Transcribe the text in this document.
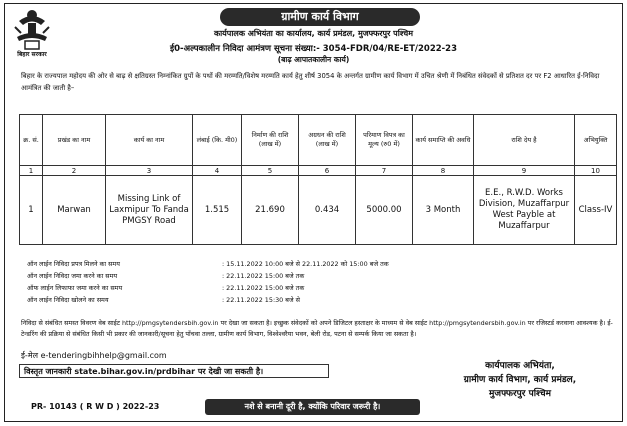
बिहार सरकार
ग्रामीण कार्य विभाग
कार्यपालक अभियंता का कार्यालय, कार्य प्रमंडल, मुजफ्फरपुर पश्चिम
ई0-अल्पकालीन निविदा आमंत्रण सूचना संख्या:- 3054-FDR/04/RE-ET/2022-23
(बाढ़ आपातकालीन कार्य)
बिहार के राज्यपाल महोदय की ओर से बाढ़ से क्षतिग्रस्त निम्नांकित ग्रुपों के पथों की मरम्मति/विशेष मरम्मति कार्य हेतु शीर्ष 3054 के अन्तर्गत ग्रामीण कार्य विभाग में उचित श्रेणी में निबंधित संवेदकों से प्रतिशत दर पर F2 आधारित ई-निविदा आमंत्रित की जाती है–
क्र. सं.	प्रखंड का नाम	कार्य का नाम	लंबाई (कि. मी0)	निर्माण की राशि (लाख में)	अग्रधन की राशि (लाख में)	परिमाण विपत्र का मूल्य (रु0 में)	कार्य समाप्ति की अवधि	राशि देय है	अभियुक्ति
1	2	3	4	5	6	7	8	9	10
1	Marwan	Missing Link of Laxmipur To Fanda PMGSY Road	1.515	21.690	0.434	5000.00	3 Month	E.E., R.W.D. Works Division, Muzaffarpur West Payble at Muzaffarpur	Class-IV
ऑन लाईन निविदा प्रपत्र मिलने का समय	: 15.11.2022 10:00 बजे से 22.11.2022 को 15:00 बजे तक
ऑन लाईन निविदा जमा करने का समय	: 22.11.2022 15:00 बजे तक
ऑफ लाईन लिफाफा जमा करने का समय	: 22.11.2022 15:00 बजे तक
ऑन लाईन निविदा खोलने का समय	: 22.11.2022 15:30 बजे से
निविदा से संबंधित समस्त विवरण वेब साईट http://pmgsytendersbih.gov.in पर देखा जा सकता है। इच्छुक संवेदकों को अपने डिजिटल हस्ताक्षर के माध्यम से वेब साईट http://pmgsytendersbih.gov.in पर रजिस्टर्ड करवाना आवश्यक है। ई-टेन्डरिंग की प्रक्रिया से संबंधित किसी भी प्रकार की जानकारी/सूचना हेतु पाँचवा तल्ला, ग्रामीण कार्य विभाग, विश्वेश्वरैया भवन, बेली रोड, पटना से सम्पर्क किया जा सकता है।
ई-मेल e-tenderingbihhelp@gmail.com
विस्तृत जानकारी state.bihar.gov.in/prdbihar पर देखी जा सकती है।
कार्यपालक अभियंता,
ग्रामीण कार्य विभाग, कार्य प्रमंडल,
मुजफ्फरपुर पश्चिम
PR- 10143 ( R W D ) 2022-23	नशे से बनानी दूरी है, क्योंकि परिवार जरूरी है।
